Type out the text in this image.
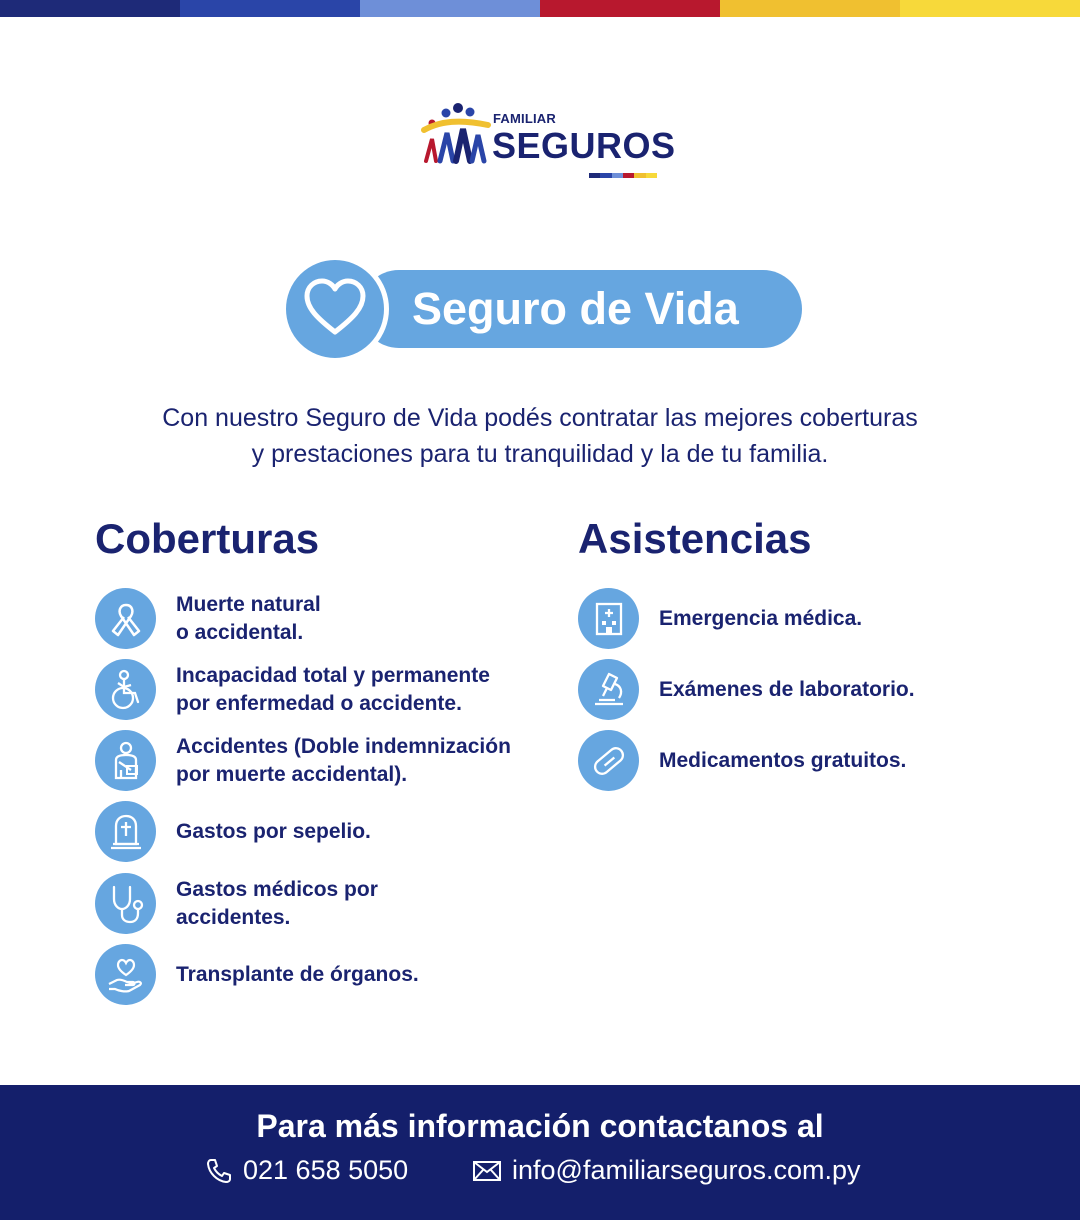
FAMILIAR
SEGUROS
Seguro de Vida
Con nuestro Seguro de Vida podés contratar las mejores coberturas
y prestaciones para tu tranquilidad y la de tu familia.
Coberturas
Muerte natural
o accidental.
Incapacidad total y permanente
por enfermedad o accidente.
Accidentes (Doble indemnización
por muerte accidental).
Gastos por sepelio.
Gastos médicos por
accidentes.
Transplante de órganos.
Asistencias
Emergencia médica.
Exámenes de laboratorio.
Medicamentos gratuitos.
Para más información contactanos al
021 658 5050	info@familiarseguros.com.py
